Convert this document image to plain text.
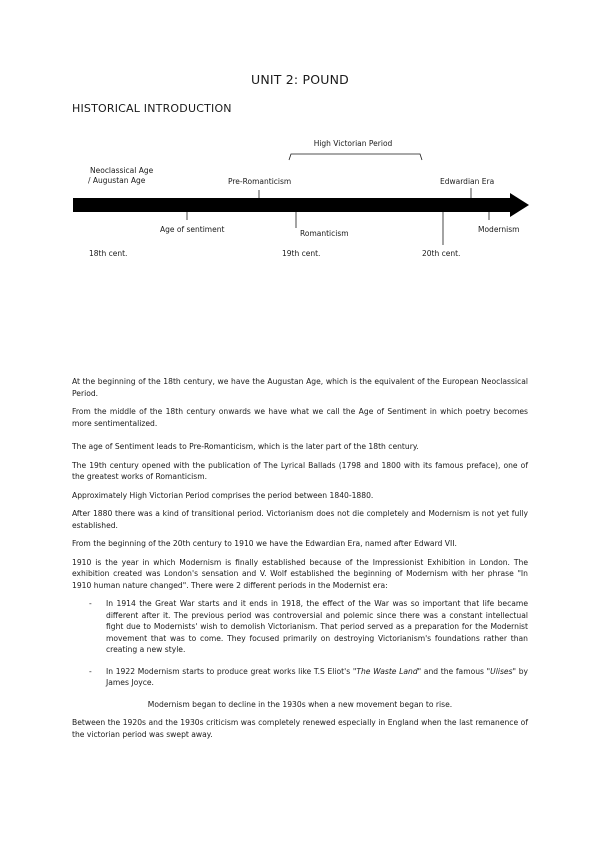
UNIT 2: POUND
HISTORICAL INTRODUCTION
High Victorian Period
Neoclassical Age
/ Augustan Age	Pre-Romanticism	Edwardian Era
Age of sentiment	Romanticism	Modernism
18th cent.	19th cent.	20th cent.

At the beginning of the 18th century, we have the Augustan Age, which is the equivalent of the European Neoclassical Period.

From the middle of the 18th century onwards we have what we call the Age of Sentiment in which poetry becomes more sentimentalized.

The age of Sentiment leads to Pre-Romanticism, which is the later part of the 18th century.

The 19th century opened with the publication of The Lyrical Ballads (1798 and 1800 with its famous preface), one of the greatest works of Romanticism.

Approximately High Victorian Period comprises the period between 1840-1880.

After 1880 there was a kind of transitional period. Victorianism does not die completely and Modernism is not yet fully established.

From the beginning of the 20th century to 1910 we have the Edwardian Era, named after Edward VII.

1910 is the year in which Modernism is finally established because of the Impressionist Exhibition in London. The exhibition created was London's sensation and V. Wolf established the beginning of Modernism with her phrase "In 1910 human nature changed". There were 2 different periods in the Modernist era:

- In 1914 the Great War starts and it ends in 1918, the effect of the War was so important that life became different after it. The previous period was controversial and polemic since there was a constant intellectual fight due to Modernists' wish to demolish Victorianism. That period served as a preparation for the Modernist movement that was to come. They focused primarily on destroying Victorianism's foundations rather than creating a new style.
- In 1922 Modernism starts to produce great works like T.S Eliot's "The Waste Land" and the famous "Ulises" by James Joyce.

Modernism began to decline in the 1930s when a new movement began to rise.

Between the 1920s and the 1930s criticism was completely renewed especially in England when the last remanence of the victorian period was swept away.
